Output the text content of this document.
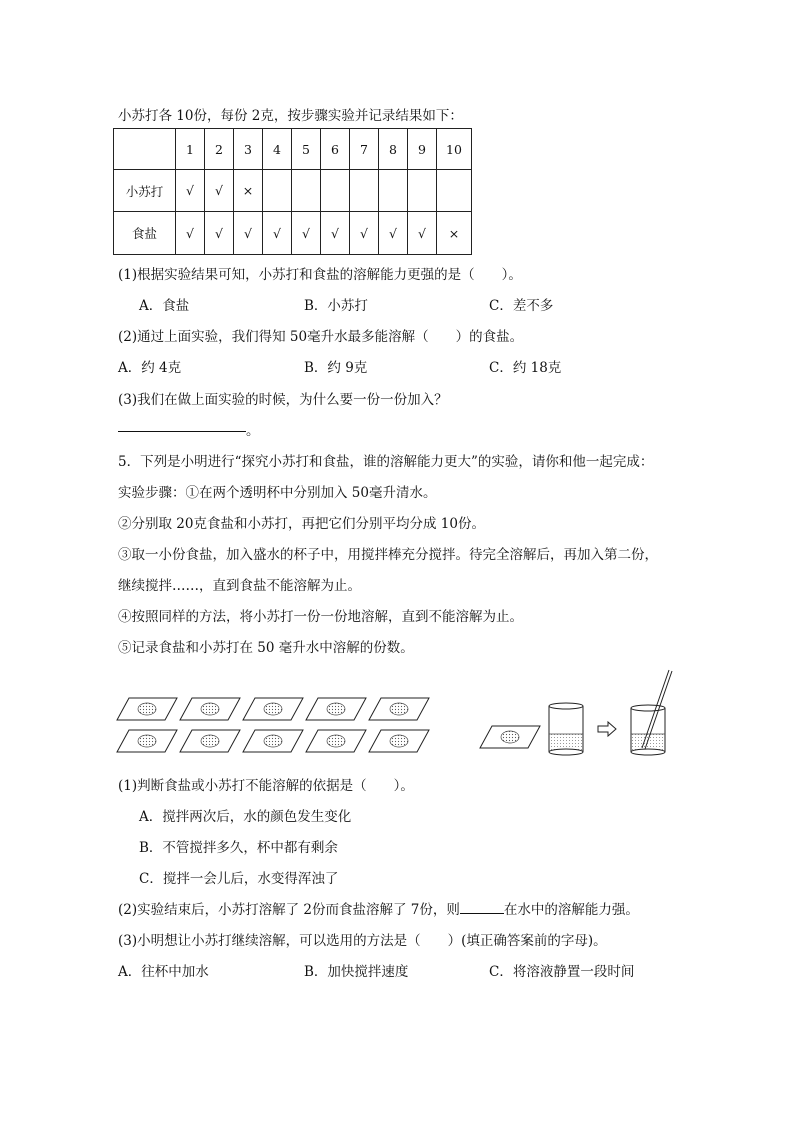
小苏打各 10份，每份 2克，按步骤实验并记录结果如下：
	1	2	3	4	5	6	7	8	9	10
小苏打	√	√	×							
食盐	√	√	√	√	√	√	√	√	√	×
(1)根据实验结果可知，小苏打和食盐的溶解能力更强的是（　　）。
A．食盐	B．小苏打	C．差不多
(2)通过上面实验，我们得知 50毫升水最多能溶解（　　）的食盐。
A．约 4克	B．约 9克	C．约 18克
(3)我们在做上面实验的时候，为什么要一份一份加入？
。
5．下列是小明进行“探究小苏打和食盐，谁的溶解能力更大”的实验，请你和他一起完成：
实验步骤：①在两个透明杯中分别加入 50毫升清水。
②分别取 20克食盐和小苏打，再把它们分别平均分成 10份。
③取一小份食盐，加入盛水的杯子中，用搅拌棒充分搅拌。待完全溶解后，再加入第二份，
继续搅拌……，直到食盐不能溶解为止。
④按照同样的方法，将小苏打一份一份地溶解，直到不能溶解为止。
⑤记录食盐和小苏打在 50 毫升水中溶解的份数。
(1)判断食盐或小苏打不能溶解的依据是（　　）。
A．搅拌两次后，水的颜色发生变化
B．不管搅拌多久，杯中都有剩余
C．搅拌一会儿后，水变得浑浊了
(2)实验结束后，小苏打溶解了 2份而食盐溶解了 7份，则	在水中的溶解能力强。
(3)小明想让小苏打继续溶解，可以选用的方法是（　　）(填正确答案前的字母)。
A．往杯中加水	B．加快搅拌速度	C．将溶液静置一段时间
